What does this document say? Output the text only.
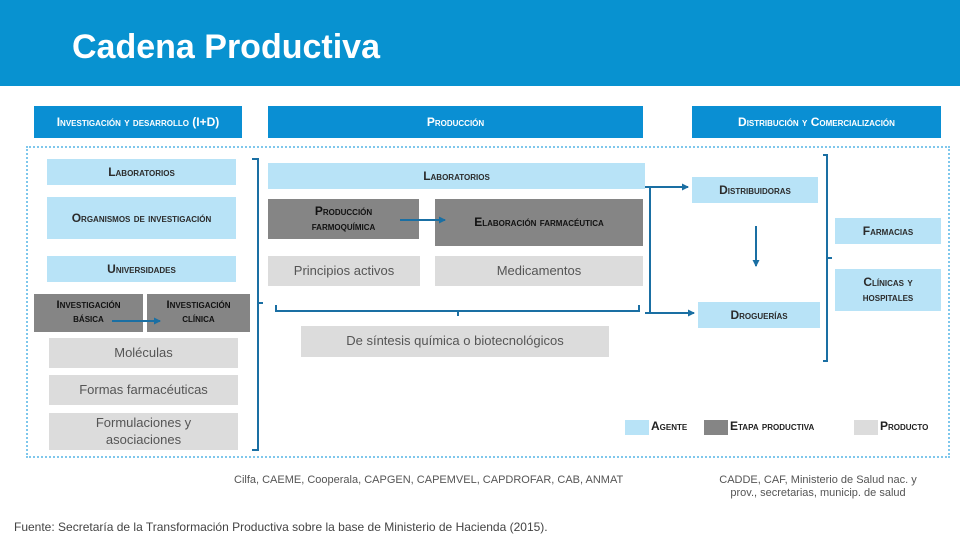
Cadena Productiva
Investigación y desarrollo (I+D)	Producción	Distribución y Comercialización
Laboratorios
Organismos de investigación
Universidades
Investigación básica
Investigación clínica
Moléculas
Formas farmacéuticas
Formulaciones y asociaciones
Laboratorios
Producción farmoquímica	Elaboración farmacéutica
Principios activos	Medicamentos
De síntesis química o biotecnológicos
Distribuidoras
Droguerías
Farmacias
Clínicas y hospitales
Agente	Etapa productiva	Producto
Cilfa, CAEME, Cooperala, CAPGEN, CAPEMVEL, CAPDROFAR, CAB, ANMAT	CADDE, CAF, Ministerio de Salud nac. y
prov., secretarias, municip. de salud
Fuente: Secretaría de la Transformación Productiva sobre la base de Ministerio de Hacienda (2015).
